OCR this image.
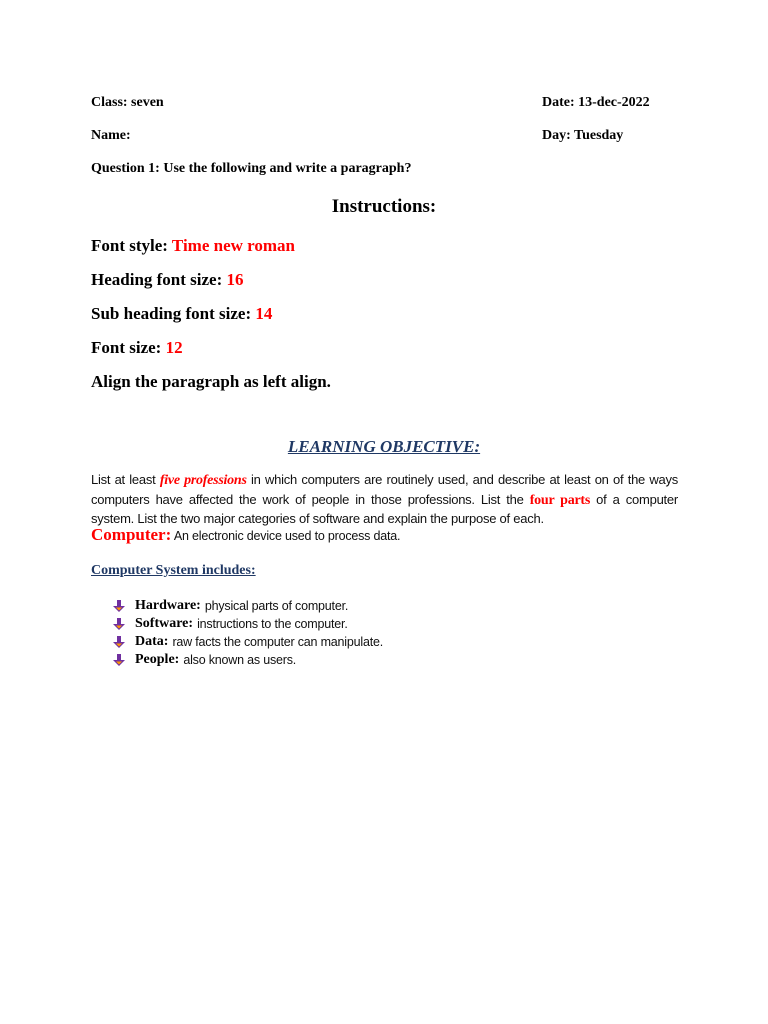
Class: seven	Date: 13-dec-2022
Name:	Day: Tuesday
Question 1: Use the following and write a paragraph?
Instructions:
Font style: Time new roman
Heading font size: 16
Sub heading font size: 14
Font size: 12
Align the paragraph as left align.
LEARNING OBJECTIVE:
List at least five professions in which computers are routinely used, and describe at least on of the ways computers have affected the work of people in those professions. List the four parts of a computer system. List the two major categories of software and explain the purpose of each.
Computer: An electronic device used to process data.
Computer System includes:
Hardware: physical parts of computer.
Software: instructions to the computer.
Data: raw facts the computer can manipulate.
People: also known as users.
